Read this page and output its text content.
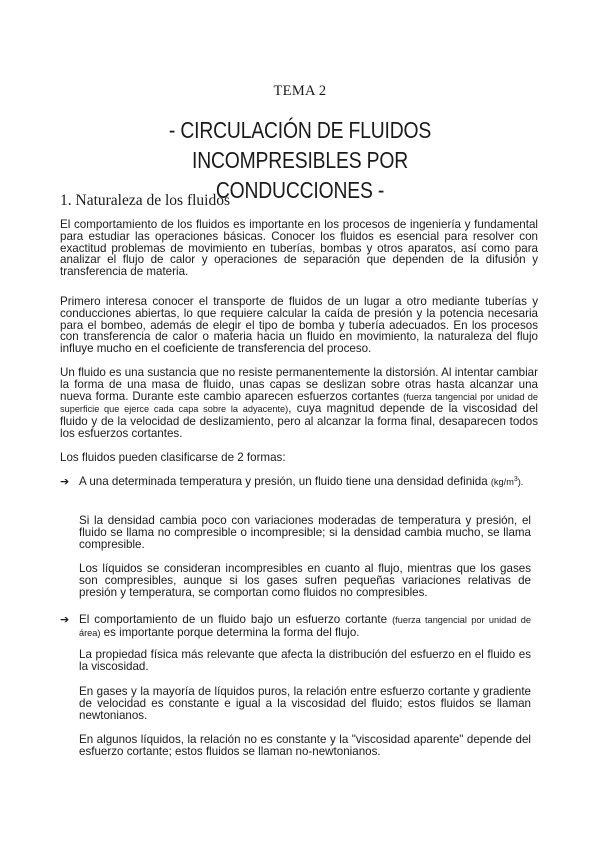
TEMA 2
- CIRCULACIÓN DE FLUIDOS INCOMPRESIBLES POR
CONDUCCIONES -
1. Naturaleza de los fluidos

El comportamiento de los fluidos es importante en los procesos de ingeniería y fundamental para estudiar las operaciones básicas. Conocer los fluidos es esencial para resolver con exactitud problemas de movimiento en tuberías, bombas y otros aparatos, así como para analizar el flujo de calor y operaciones de separación que dependen de la difusión y transferencia de materia.

Primero interesa conocer el transporte de fluidos de un lugar a otro mediante tuberías y conducciones abiertas, lo que requiere calcular la caída de presión y la potencia necesaria para el bombeo, además de elegir el tipo de bomba y tubería adecuados. En los procesos con transferencia de calor o materia hacia un fluido en movimiento, la naturaleza del flujo influye mucho en el coeficiente de transferencia del proceso.

Un fluido es una sustancia que no resiste permanentemente la distorsión. Al intentar cambiar la forma de una masa de fluido, unas capas se deslizan sobre otras hasta alcanzar una nueva forma. Durante este cambio aparecen esfuerzos cortantes (fuerza tangencial por unidad de superficie que ejerce cada capa sobre la adyacente), cuya magnitud depende de la viscosidad del fluido y de la velocidad de deslizamiento, pero al alcanzar la forma final, desaparecen todos los esfuerzos cortantes.

Los fluidos pueden clasificarse de 2 formas:

➔ A una determinada temperatura y presión, un fluido tiene una densidad definida $(kg/m^3)$.

Si la densidad cambia poco con variaciones moderadas de temperatura y presión, el fluido se llama no compresible o incompresible; si la densidad cambia mucho, se llama compresible.

Los líquidos se consideran incompresibles en cuanto al flujo, mientras que los gases son compresibles, aunque si los gases sufren pequeñas variaciones relativas de presión y temperatura, se comportan como fluidos no compresibles.

➔ El comportamiento de un fluido bajo un esfuerzo cortante (fuerza tangencial por unidad de área) es importante porque determina la forma del flujo.

La propiedad física más relevante que afecta la distribución del esfuerzo en el fluido es la viscosidad.

En gases y la mayoría de líquidos puros, la relación entre esfuerzo cortante y gradiente de velocidad es constante e igual a la viscosidad del fluido; estos fluidos se llaman newtonianos.

En algunos líquidos, la relación no es constante y la "viscosidad aparente" depende del esfuerzo cortante; estos fluidos se llaman no-newtonianos.
